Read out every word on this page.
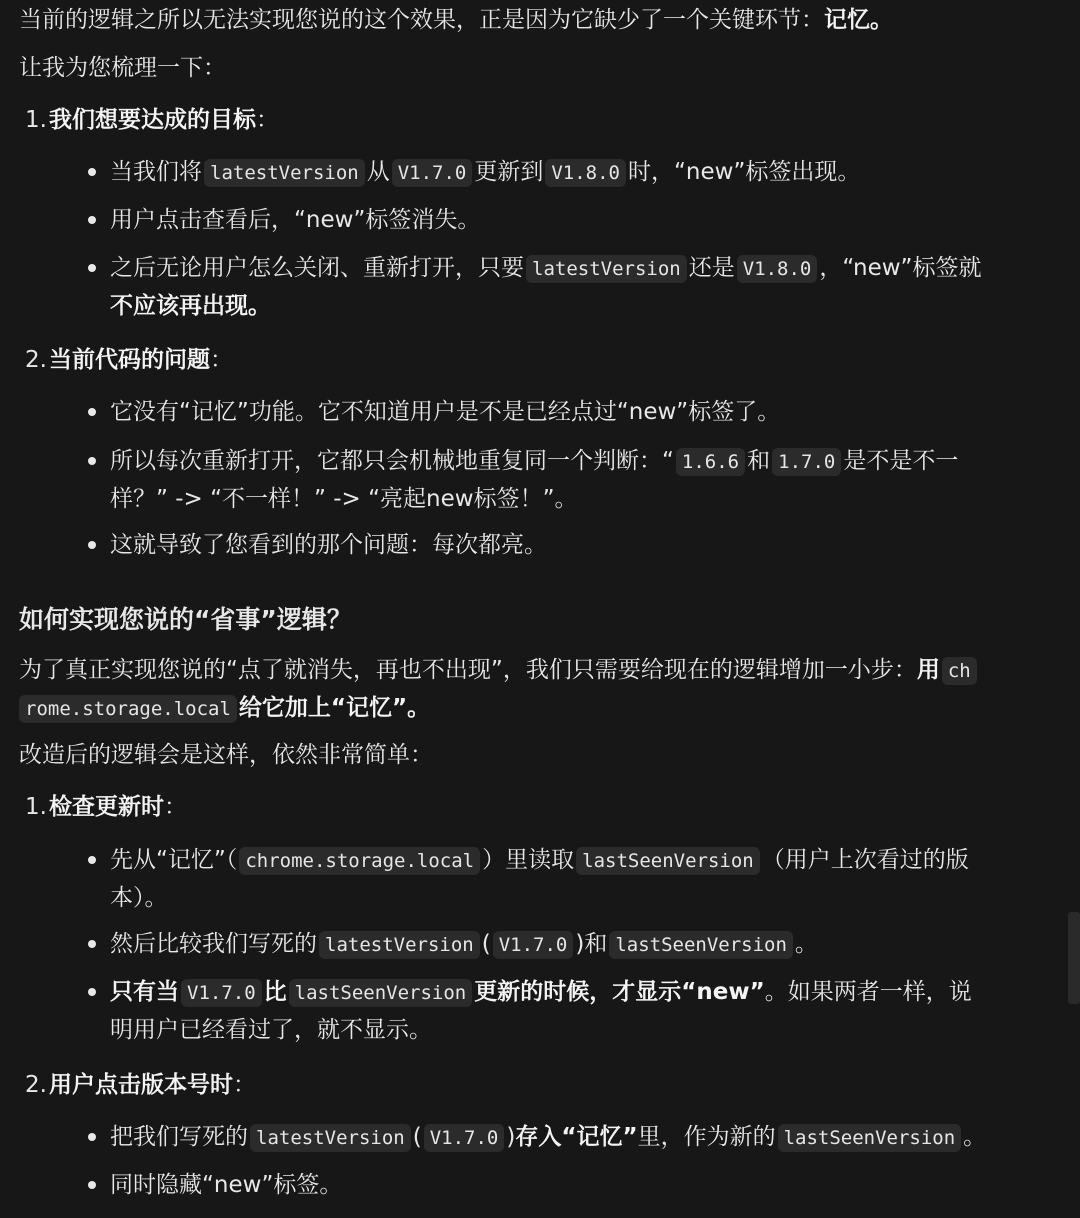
当前的逻辑之所以无法实现您说的这个效果，正是因为它缺少了一个关键环节：记忆。

让我为您梳理一下：

1. 我们想要达成的目标：

当我们将 latestVersion 从 V1.7.0 更新到 V1.8.0 时，“new”标签出现。

用户点击查看后，“new”标签消失。

之后无论用户怎么关闭、重新打开，只要 latestVersion 还是 V1.8.0 ，“new”标签就
不应该再出现。

2. 当前代码的问题：

它没有“记忆”功能。它不知道用户是不是已经点过“new”标签了。

所以每次重新打开，它都只会机械地重复同一个判断：“ 1.6.6 和 1.7.0 是不是不一
样？” -> “不一样！” -> “亮起new标签！”。

这就导致了您看到的那个问题：每次都亮。

如何实现您说的“省事”逻辑？

为了真正实现您说的“点了就消失，再也不出现”，我们只需要给现在的逻辑增加一小步：用 ch

rome.storage.local 给它加上“记忆”。

改造后的逻辑会是这样，依然非常简单：

1. 检查更新时：

先从“记忆”（ chrome.storage.local ）里读取 lastSeenVersion （用户上次看过的版
本）。

然后比较我们写死的 latestVersion ( V1.7.0 )和 lastSeenVersion 。

只有当 V1.7.0 比 lastSeenVersion 更新的时候，才显示“new”。如果两者一样，说
明用户已经看过了，就不显示。

2. 用户点击版本号时：

把我们写死的 latestVersion ( V1.7.0 )存入“记忆”里，作为新的 lastSeenVersion 。

同时隐藏“new”标签。
